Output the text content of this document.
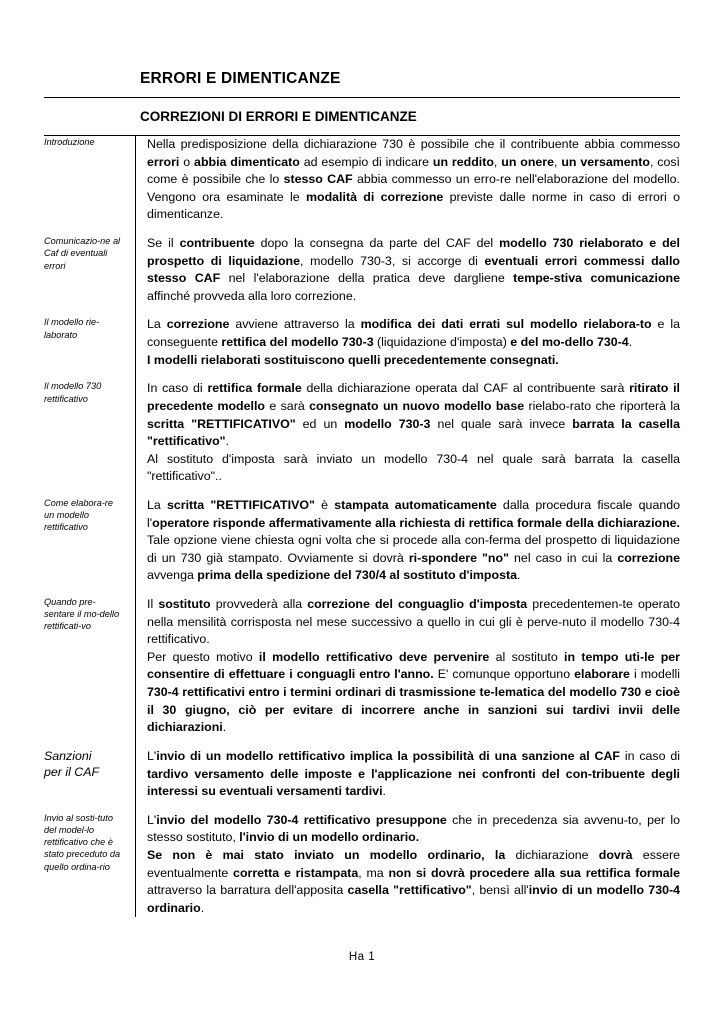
ERRORI E DIMENTICANZE
CORREZIONI DI ERRORI E DIMENTICANZE
Introduzione	Nella predisposizione della dichiarazione 730 è possibile che il contribuente abbia commesso errori o abbia dimenticato ad esempio di indicare un reddito, un onere, un versamento, così come è possibile che lo stesso CAF abbia commesso un erro-re nell'elaborazione del modello. Vengono ora esaminate le modalità di correzione previste dalle norme in caso di errori o dimenticanze.
Comunicazio-ne al Caf di eventuali errori
Se il contribuente dopo la consegna da parte del CAF del modello 730 rielaborato e del prospetto di liquidazione, modello 730-3, si accorge di eventuali errori commessi dallo stesso CAF nel l'elaborazione della pratica deve dargliene tempe-stiva comunicazione affinché provveda alla loro correzione.
Il modello rie-laborato
La correzione avviene attraverso la modifica dei dati errati sul modello rielabora-to e la conseguente rettifica del modello 730-3 (liquidazione d'imposta) e del mo-dello 730-4.
I modelli rielaborati sostituiscono quelli precedentemente consegnati.
Il modello 730 rettificativo
In caso di rettifica formale della dichiarazione operata dal CAF al contribuente sarà ritirato il precedente modello e sarà consegnato un nuovo modello base rielabo-rato che riporterà la scritta "RETTIFICATIVO" ed un modello 730-3 nel quale sarà invece barrata la casella "rettificativo".
Al sostituto d'imposta sarà inviato un modello 730-4 nel quale sarà barrata la casella "rettificativo"..
Come elabora-re un modello rettificativo
La scritta "RETTIFICATIVO" è stampata automaticamente dalla procedura fiscale quando l'operatore risponde affermativamente alla richiesta di rettifica formale della dichiarazione. Tale opzione viene chiesta ogni volta che si procede alla con-ferma del prospetto di liquidazione di un 730 già stampato. Ovviamente si dovrà ri-spondere "no" nel caso in cui la correzione avvenga prima della spedizione del 730/4 al sostituto d'imposta.
Quando pre-sentare il mo-dello rettificati-vo
Il sostituto provvederà alla correzione del conguaglio d'imposta precedentemen-te operato nella mensilità corrisposta nel mese successivo a quello in cui gli è perve-nuto il modello 730-4 rettificativo.
Per questo motivo il modello rettificativo deve pervenire al sostituto in tempo uti-le per consentire di effettuare i conguagli entro l'anno. E' comunque opportuno elaborare i modelli 730-4 rettificativi entro i termini ordinari di trasmissione te-lematica del modello 730 e cioè il 30 giugno, ciò per evitare di incorrere anche in sanzioni sui tardivi invii delle dichiarazioni.
Sanzioni
per il CAF
L'invio di un modello rettificativo implica la possibilità di una sanzione al CAF in caso di tardivo versamento delle imposte e l'applicazione nei confronti del con-tribuente degli interessi su eventuali versamenti tardivi.
Invio al sosti-tuto del model-lo rettificativo che è stato preceduto da quello ordina-rio
L'invio del modello 730-4 rettificativo presuppone che in precedenza sia avvenu-to, per lo stesso sostituto, l'invio di un modello ordinario.
Se non è mai stato inviato un modello ordinario, la dichiarazione dovrà essere eventualmente corretta e ristampata, ma non si dovrà procedere alla sua rettifica formale attraverso la barratura dell'apposita casella "rettificativo", bensì all'invio di un modello 730-4 ordinario.
Ha 1
